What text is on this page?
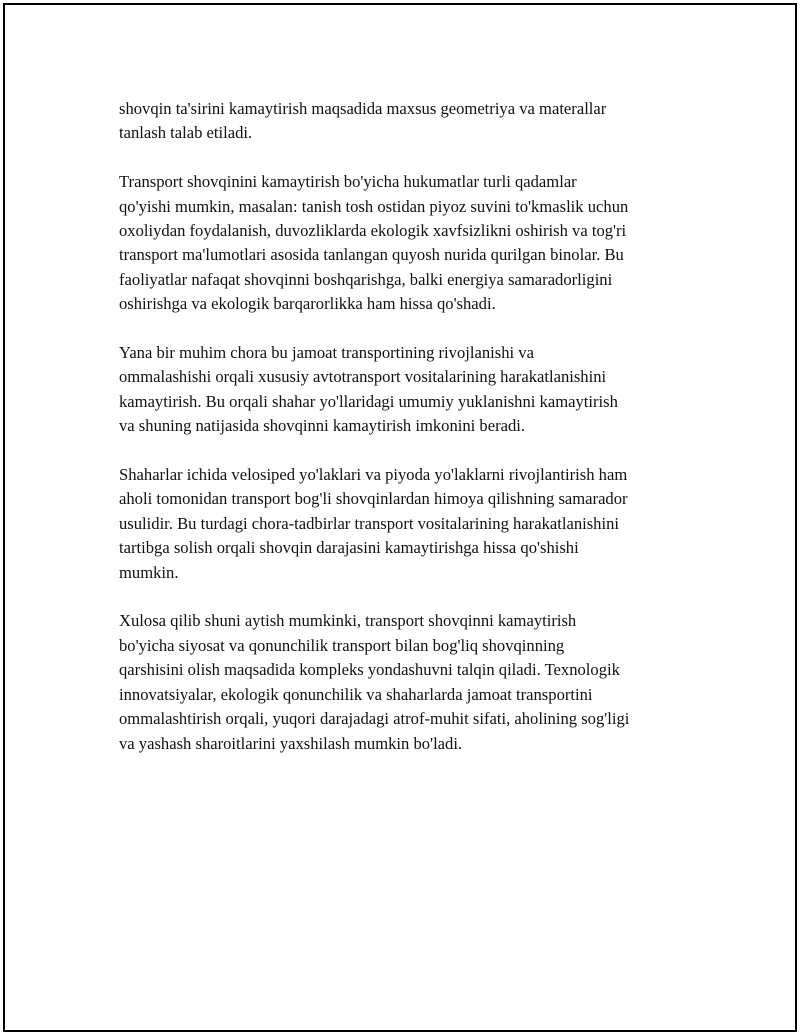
shovqin ta'sirini kamaytirish maqsadida maxsus geometriya va materallar
tanlash talab etiladi.

Transport shovqinini kamaytirish bo'yicha hukumatlar turli qadamlar
qo'yishi mumkin, masalan: tanish tosh ostidan piyoz suvini to'kmaslik uchun
oxoliydan foydalanish, duvozliklarda ekologik xavfsizlikni oshirish va tog'ri
transport ma'lumotlari asosida tanlangan quyosh nurida qurilgan binolar. Bu
faoliyatlar nafaqat shovqinni boshqarishga, balki energiya samaradorligini
oshirishga va ekologik barqarorlikka ham hissa qo'shadi.

Yana bir muhim chora bu jamoat transportining rivojlanishi va
ommalashishi orqali xususiy avtotransport vositalarining harakatlanishini
kamaytirish. Bu orqali shahar yo'llaridagi umumiy yuklanishni kamaytirish
va shuning natijasida shovqinni kamaytirish imkonini beradi.

Shaharlar ichida velosiped yo'laklari va piyoda yo'laklarni rivojlantirish ham
aholi tomonidan transport bog'li shovqinlardan himoya qilishning samarador
usulidir. Bu turdagi chora-tadbirlar transport vositalarining harakatlanishini
tartibga solish orqali shovqin darajasini kamaytirishga hissa qo'shishi
mumkin.

Xulosa qilib shuni aytish mumkinki, transport shovqinni kamaytirish
bo'yicha siyosat va qonunchilik transport bilan bog'liq shovqinning
qarshisini olish maqsadida kompleks yondashuvni talqin qiladi. Texnologik
innovatsiyalar, ekologik qonunchilik va shaharlarda jamoat transportini
ommalashtirish orqali, yuqori darajadagi atrof-muhit sifati, aholining sog'ligi
va yashash sharoitlarini yaxshilash mumkin bo'ladi.
